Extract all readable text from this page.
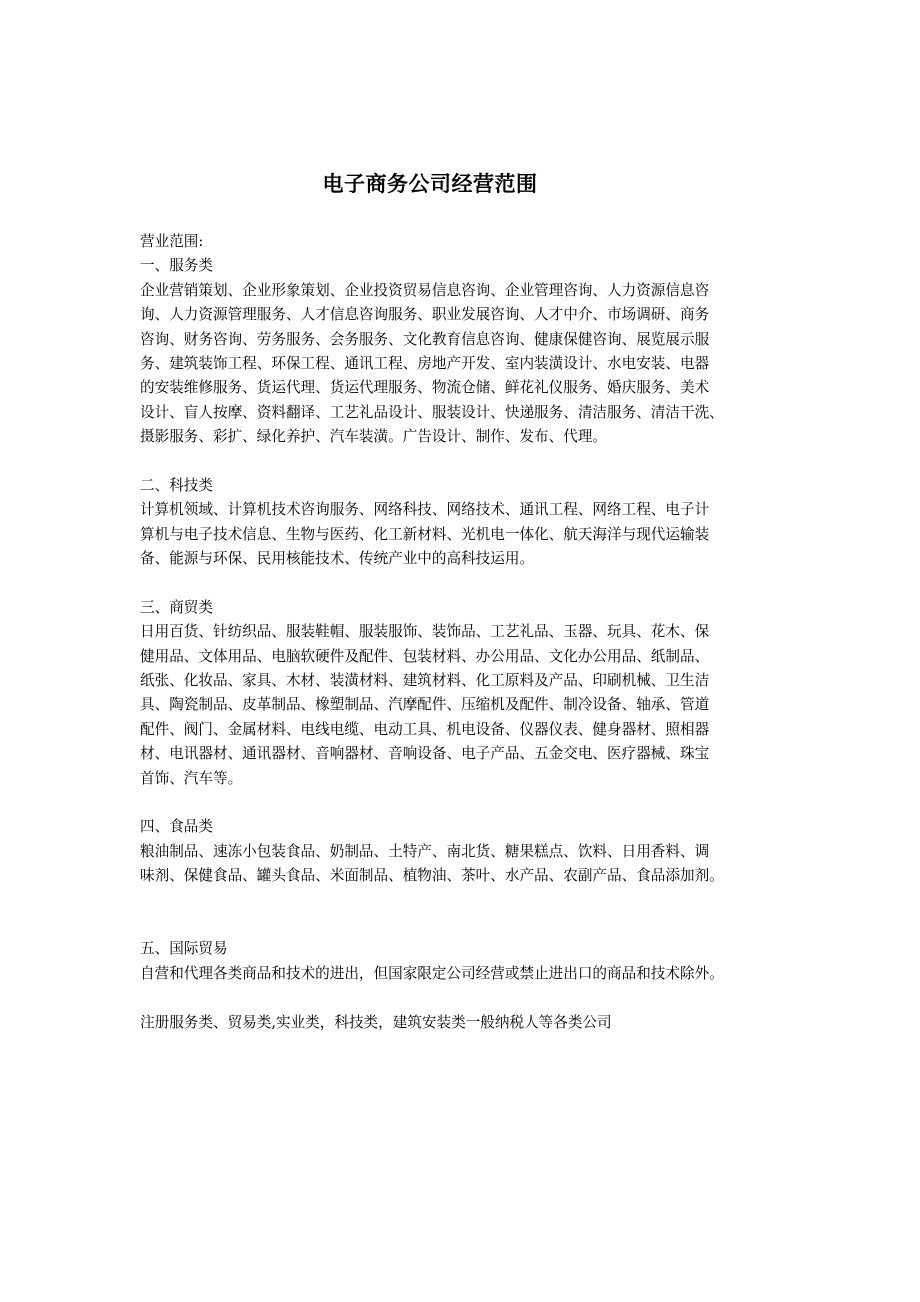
电子商务公司经营范围
营业范围:
一、服务类
企业营销策划、企业形象策划、企业投资贸易信息咨询、企业管理咨询、人力资源信息咨
询、人力资源管理服务、人才信息咨询服务、职业发展咨询、人才中介、市场调研、商务
咨询、财务咨询、劳务服务、会务服务、文化教育信息咨询、健康保健咨询、展览展示服
务、建筑装饰工程、环保工程、通讯工程、房地产开发、室内装潢设计、水电安装、电器
的安装维修服务、货运代理、货运代理服务、物流仓储、鲜花礼仪服务、婚庆服务、美术
设计、盲人按摩、资料翻译、工艺礼品设计、服装设计、快递服务、清洁服务、清洁干洗、
摄影服务、彩扩、绿化养护、汽车装潢。广告设计、制作、发布、代理。
二、科技类
计算机领域、计算机技术咨询服务、网络科技、网络技术、通讯工程、网络工程、电子计
算机与电子技术信息、生物与医药、化工新材料、光机电一体化、航天海洋与现代运输装
备、能源与环保、民用核能技术、传统产业中的高科技运用。
三、商贸类
日用百货、针纺织品、服装鞋帽、服装服饰、装饰品、工艺礼品、玉器、玩具、花木、保
健用品、文体用品、电脑软硬件及配件、包装材料、办公用品、文化办公用品、纸制品、
纸张、化妆品、家具、木材、装潢材料、建筑材料、化工原料及产品、印刷机械、卫生洁
具、陶瓷制品、皮革制品、橡塑制品、汽摩配件、压缩机及配件、制冷设备、轴承、管道
配件、阀门、金属材料、电线电缆、电动工具、机电设备、仪器仪表、健身器材、照相器
材、电讯器材、通讯器材、音响器材、音响设备、电子产品、五金交电、医疗器械、珠宝
首饰、汽车等。
四、食品类
粮油制品、速冻小包装食品、奶制品、土特产、南北货、糖果糕点、饮料、日用香料、调
味剂、保健食品、罐头食品、米面制品、植物油、茶叶、水产品、农副产品、食品添加剂。
五、国际贸易
自营和代理各类商品和技术的进出，但国家限定公司经营或禁止进出口的商品和技术除外。
注册服务类、贸易类,实业类，科技类，建筑安装类一般纳税人等各类公司
